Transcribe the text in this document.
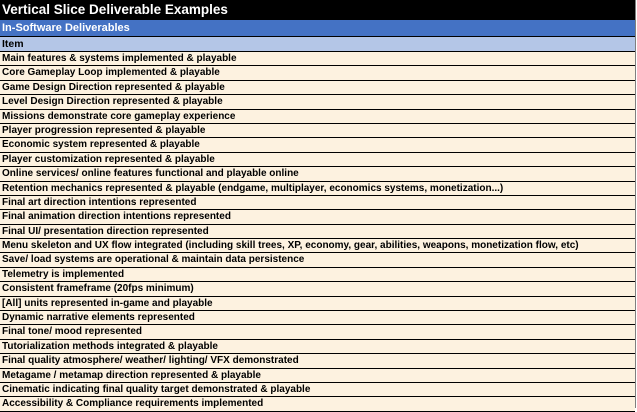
Vertical Slice Deliverable Examples
In-Software Deliverables
Item
Main features & systems implemented & playable
Core Gameplay Loop implemented & playable
Game Design Direction represented & playable
Level Design Direction represented & playable
Missions demonstrate core gameplay experience
Player progression represented & playable
Economic system represented & playable
Player customization represented & playable
Online services/ online features functional and playable online
Retention mechanics represented & playable (endgame, multiplayer, economics systems, monetization...)
Final art direction intentions represented
Final animation direction intentions represented
Final UI/ presentation direction represented
Menu skeleton and UX flow integrated (including skill trees, XP, economy, gear, abilities, weapons, monetization flow, etc)
Save/ load systems are operational & maintain data persistence
Telemetry is implemented
Consistent frameframe (20fps minimum)
[All] units represented in-game and playable
Dynamic narrative elements represented
Final tone/ mood represented
Tutorialization methods integrated & playable
Final quality atmosphere/ weather/ lighting/ VFX demonstrated
Metagame / metamap direction represented & playable
Cinematic indicating final quality target demonstrated & playable
Accessibility & Compliance requirements implemented
